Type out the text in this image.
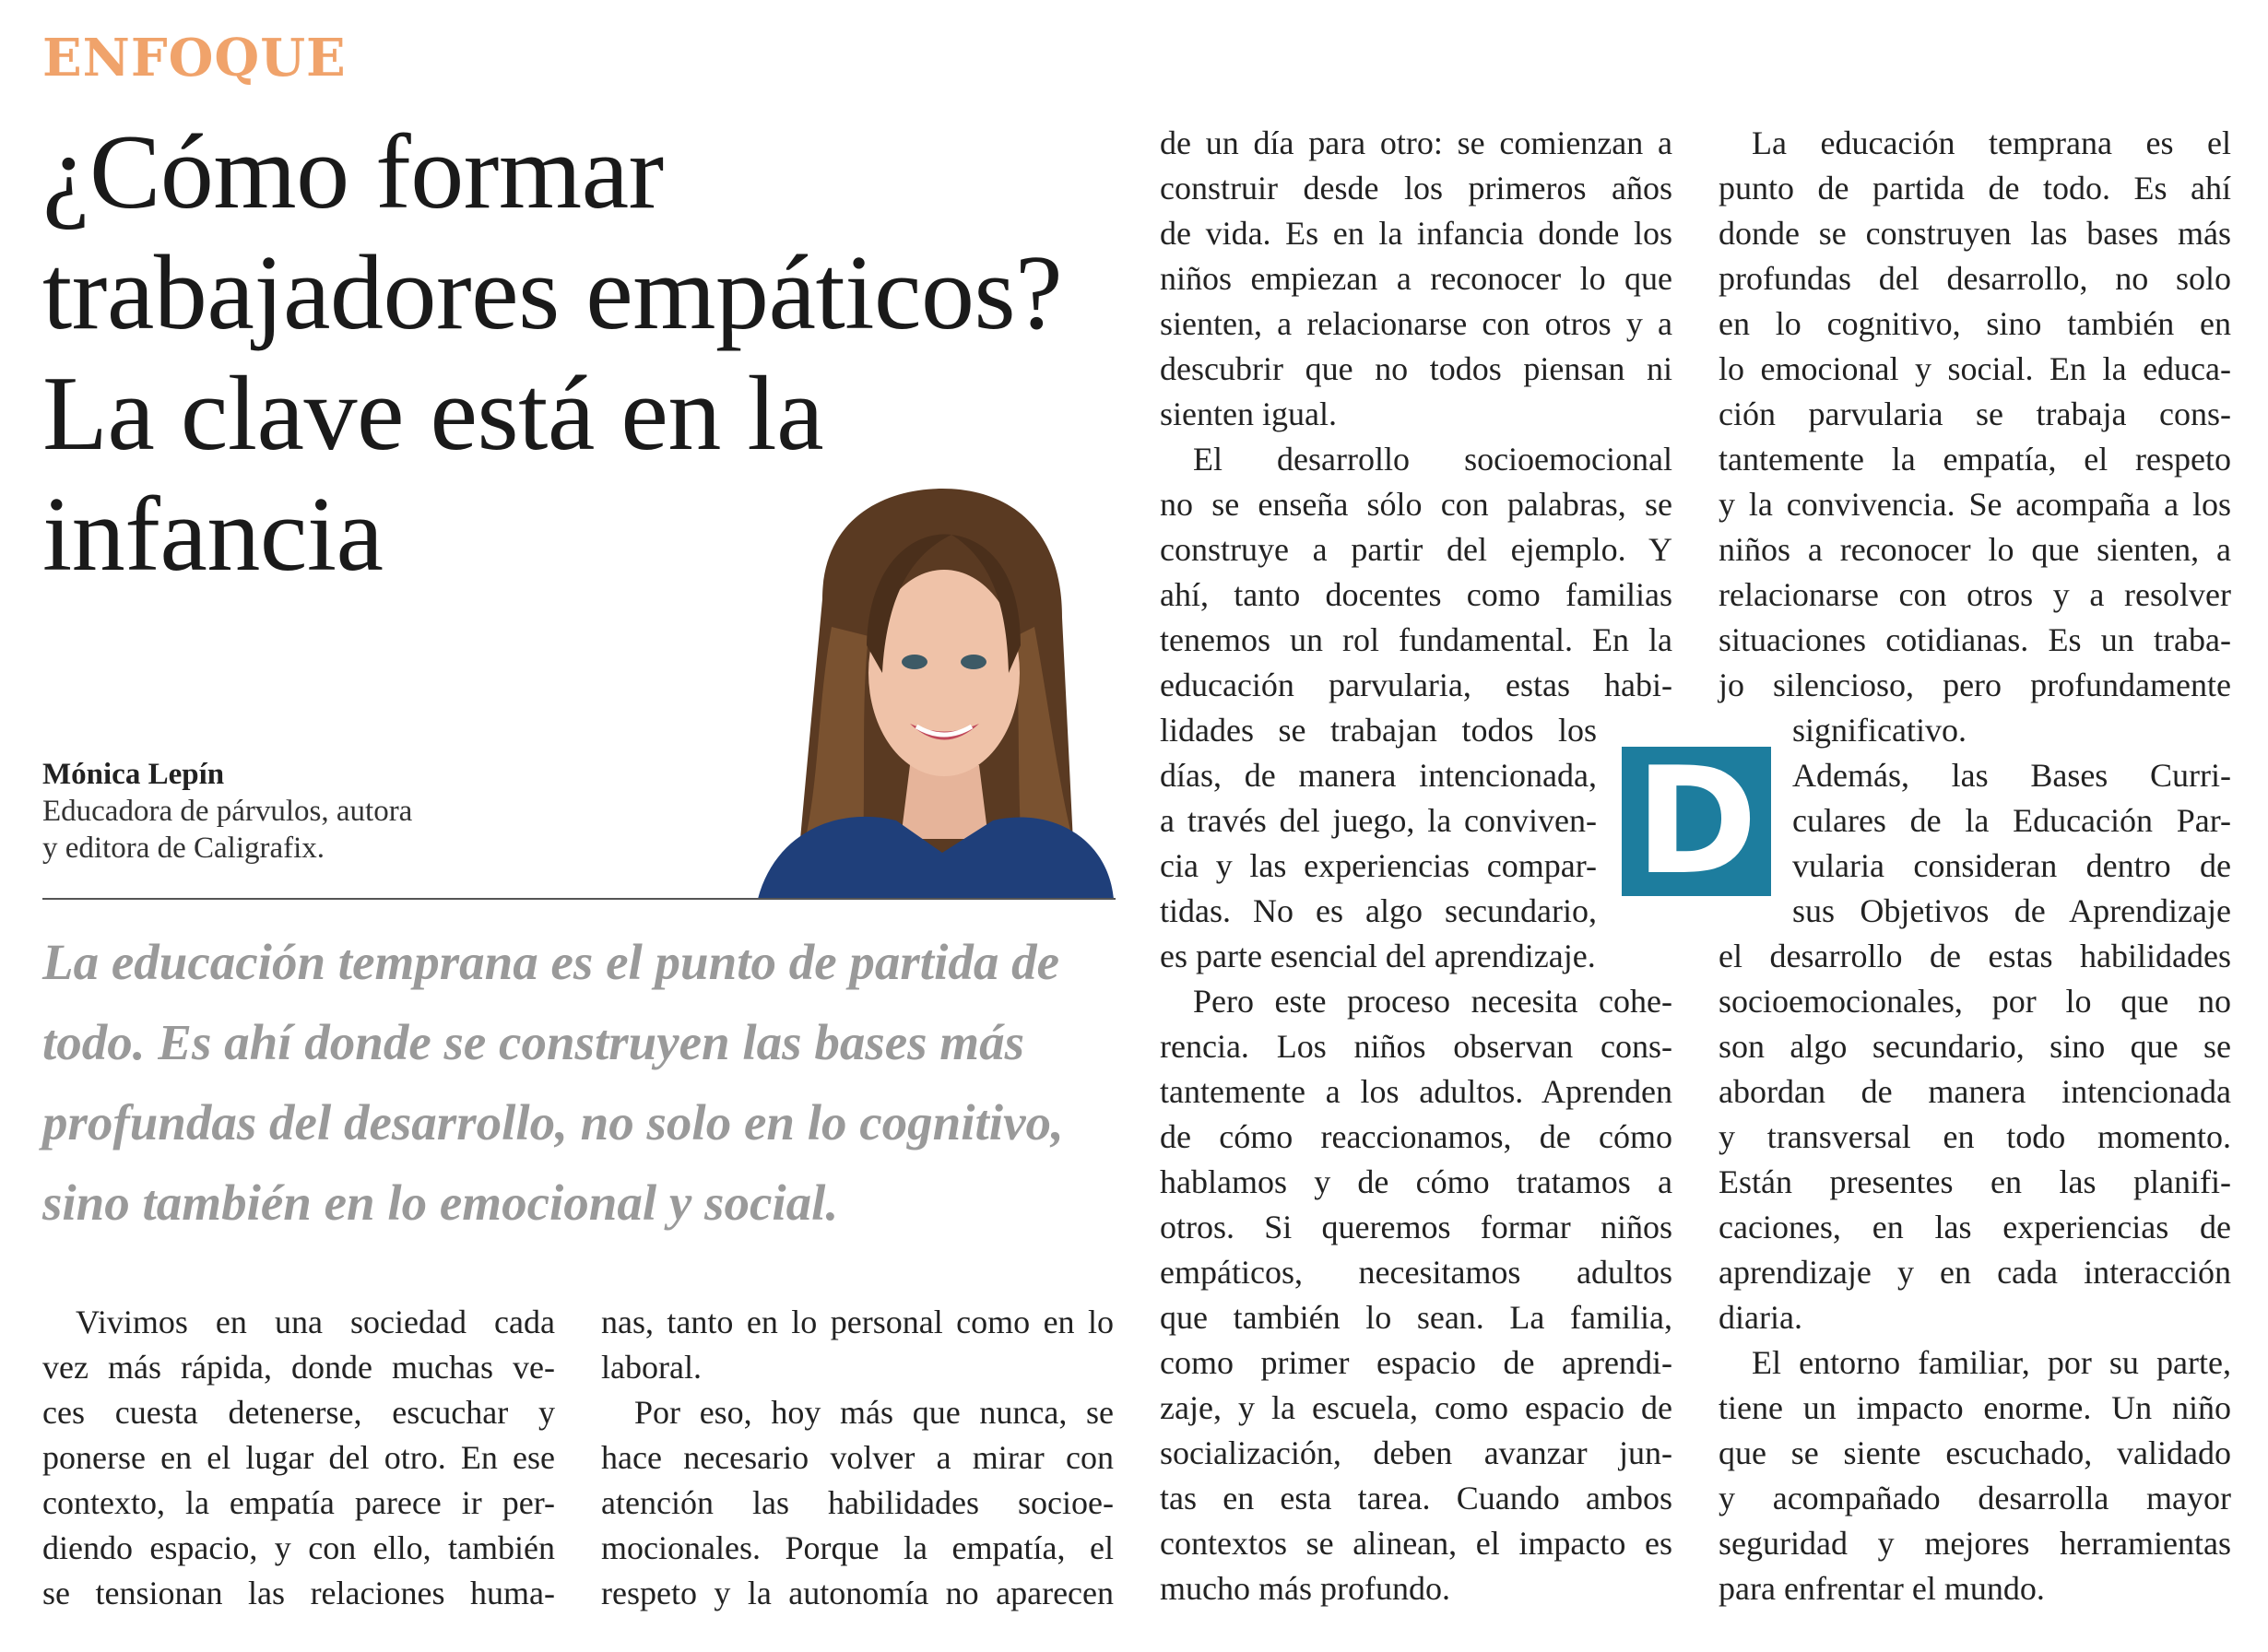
ENFOQUE
¿Cómo formar
trabajadores empáticos?
La clave está en la
infancia
Mónica Lepín
Educadora de párvulos, autora
y editora de Caligrafix.
La educación temprana es el punto de partida de
todo. Es ahí donde se construyen las bases más
profundas del desarrollo, no solo en lo cognitivo,
sino también en lo emocional y social.
Vivimos en una sociedad cada
vez más rápida, donde muchas ve-
ces cuesta detenerse, escuchar y
ponerse en el lugar del otro. En ese
contexto, la empatía parece ir per-
diendo espacio, y con ello, también
se tensionan las relaciones huma-
nas, tanto en lo personal como en lo
laboral.
Por eso, hoy más que nunca, se
hace necesario volver a mirar con
atención las habilidades socioe-
mocionales. Porque la empatía, el
respeto y la autonomía no aparecen
de un día para otro: se comienzan a
construir desde los primeros años
de vida. Es en la infancia donde los
niños empiezan a reconocer lo que
sienten, a relacionarse con otros y a
descubrir que no todos piensan ni
sienten igual.
El desarrollo socioemocional
no se enseña sólo con palabras, se
construye a partir del ejemplo. Y
ahí, tanto docentes como familias
tenemos un rol fundamental. En la
educación parvularia, estas habi-
lidades se trabajan todos los
días, de manera intencionada,
a través del juego, la conviven-
cia y las experiencias compar-
tidas. No es algo secundario,
es parte esencial del aprendizaje.
Pero este proceso necesita cohe-
rencia. Los niños observan cons-
tantemente a los adultos. Aprenden
de cómo reaccionamos, de cómo
hablamos y de cómo tratamos a
otros. Si queremos formar niños
empáticos, necesitamos adultos
que también lo sean. La familia,
como primer espacio de aprendi-
zaje, y la escuela, como espacio de
socialización, deben avanzar jun-
tas en esta tarea. Cuando ambos
contextos se alinean, el impacto es
mucho más profundo.
D
La educación temprana es el
punto de partida de todo. Es ahí
donde se construyen las bases más
profundas del desarrollo, no solo
en lo cognitivo, sino también en
lo emocional y social. En la educa-
ción parvularia se trabaja cons-
tantemente la empatía, el respeto
y la convivencia. Se acompaña a los
niños a reconocer lo que sienten, a
relacionarse con otros y a resolver
situaciones cotidianas. Es un traba-
jo silencioso, pero profundamente
significativo.
Además, las Bases Curri-
culares de la Educación Par-
vularia consideran dentro de
sus Objetivos de Aprendizaje
el desarrollo de estas habilidades
socioemocionales, por lo que no
son algo secundario, sino que se
abordan de manera intencionada
y transversal en todo momento.
Están presentes en las planifi-
caciones, en las experiencias de
aprendizaje y en cada interacción
diaria.
El entorno familiar, por su parte,
tiene un impacto enorme. Un niño
que se siente escuchado, validado
y acompañado desarrolla mayor
seguridad y mejores herramientas
para enfrentar el mundo.
